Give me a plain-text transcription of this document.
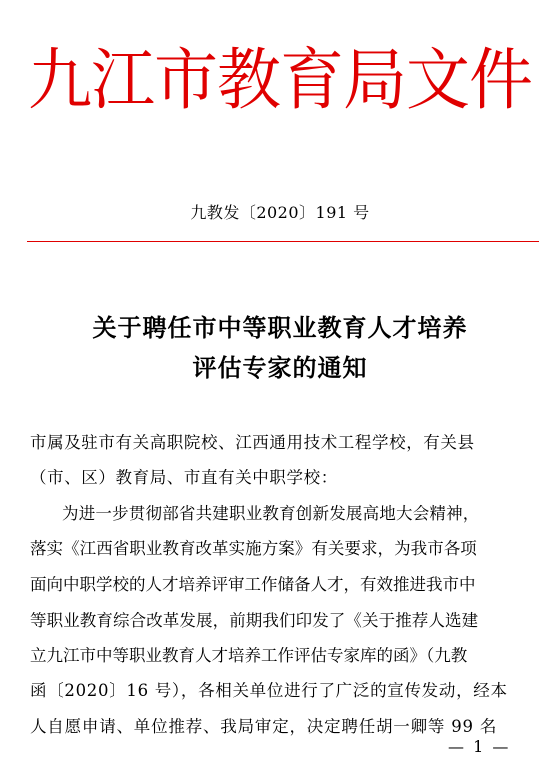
九江市教育局文件
九教发〔2020〕191 号
关于聘任市中等职业教育人才培养
评估专家的通知
市属及驻市有关高职院校、江西通用技术工程学校，有关县
（市、区）教育局、市直有关中职学校：
为进一步贯彻部省共建职业教育创新发展高地大会精神，
落实《江西省职业教育改革实施方案》有关要求，为我市各项
面向中职学校的人才培养评审工作储备人才，有效推进我市中
等职业教育综合改革发展，前期我们印发了《关于推荐人选建
立九江市中等职业教育人才培养工作评估专家库的函》（九教
函〔2020〕16 号），各相关单位进行了广泛的宣传发动，经本
人自愿申请、单位推荐、我局审定，决定聘任胡一卿等 99 名
— 1 —
